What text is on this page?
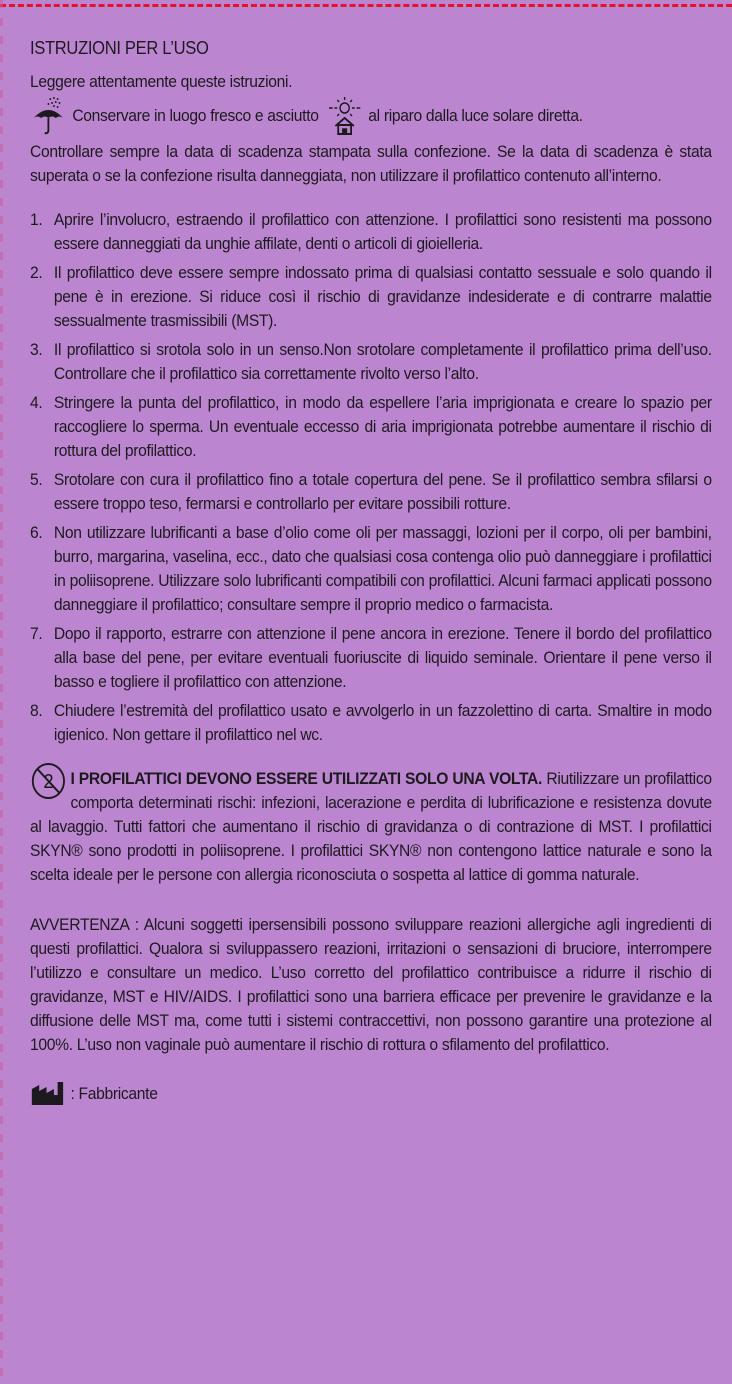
ISTRUZIONI PER L’USO

Leggere attentamente queste istruzioni.

Conservare in luogo fresco e asciutto	al riparo dalla luce solare diretta.

Controllare sempre la data di scadenza stampata sulla confezione. Se la data di scadenza è stata superata o se la confezione risulta danneggiata, non utilizzare il profilattico contenuto all’interno.

1. Aprire l’involucro, estraendo il profilattico con attenzione. I profilattici sono resistenti ma possono essere danneggiati da unghie affilate, denti o articoli di gioielleria.
2. Il profilattico deve essere sempre indossato prima di qualsiasi contatto sessuale e solo quando il pene è in erezione. Si riduce così il rischio di gravidanze indesiderate e di contrarre malattie sessualmente trasmissibili (MST).
3. Il profilattico si srotola solo in un senso.Non srotolare completamente il profilattico prima dell’uso. Controllare che il profilattico sia correttamente rivolto verso l’alto.
4. Stringere la punta del profilattico, in modo da espellere l’aria imprigionata e creare lo spazio per raccogliere lo sperma. Un eventuale eccesso di aria imprigionata potrebbe aumentare il rischio di rottura del profilattico.
5. Srotolare con cura il profilattico fino a totale copertura del pene. Se il profilattico sembra sfilarsi o essere troppo teso, fermarsi e controllarlo per evitare possibili rotture.
6. Non utilizzare lubrificanti a base d’olio come oli per massaggi, lozioni per il corpo, oli per bambini, burro, margarina, vaselina, ecc., dato che qualsiasi cosa contenga olio può danneggiare i profilattici in poliisoprene. Utilizzare solo lubrificanti compatibili con profilattici. Alcuni farmaci applicati possono danneggiare il profilattico; consultare sempre il proprio medico o farmacista.
7. Dopo il rapporto, estrarre con attenzione il pene ancora in erezione. Tenere il bordo del profilattico alla base del pene, per evitare eventuali fuoriuscite di liquido seminale. Orientare il pene verso il basso e togliere il profilattico con attenzione.
8. Chiudere l’estremità del profilattico usato e avvolgerlo in un fazzolettino di carta. Smaltire in modo igienico. Non gettare il profilattico nel wc.

2 I PROFILATTICI DEVONO ESSERE UTILIZZATI SOLO UNA VOLTA. Riutilizzare un profilattico comporta determinati rischi: infezioni, lacerazione e perdita di lubrificazione e resistenza dovute al lavaggio. Tutti fattori che aumentano il rischio di gravidanza o di contrazione di MST. I profilattici SKYN® sono prodotti in poliisoprene. I profilattici SKYN® non contengono lattice naturale e sono la scelta ideale per le persone con allergia riconosciuta o sospetta al lattice di gomma naturale.

AVVERTENZA : Alcuni soggetti ipersensibili possono sviluppare reazioni allergiche agli ingredienti di questi profilattici. Qualora si sviluppassero reazioni, irritazioni o sensazioni di bruciore, interrompere l’utilizzo e consultare un medico. L’uso corretto del profilattico contribuisce a ridurre il rischio di gravidanze, MST e HIV/AIDS. I profilattici sono una barriera efficace per prevenire le gravidanze e la diffusione delle MST ma, come tutti i sistemi contraccettivi, non possono garantire una protezione al 100%. L’uso non vaginale può aumentare il rischio di rottura o sfilamento del profilattico.

: Fabbricante
